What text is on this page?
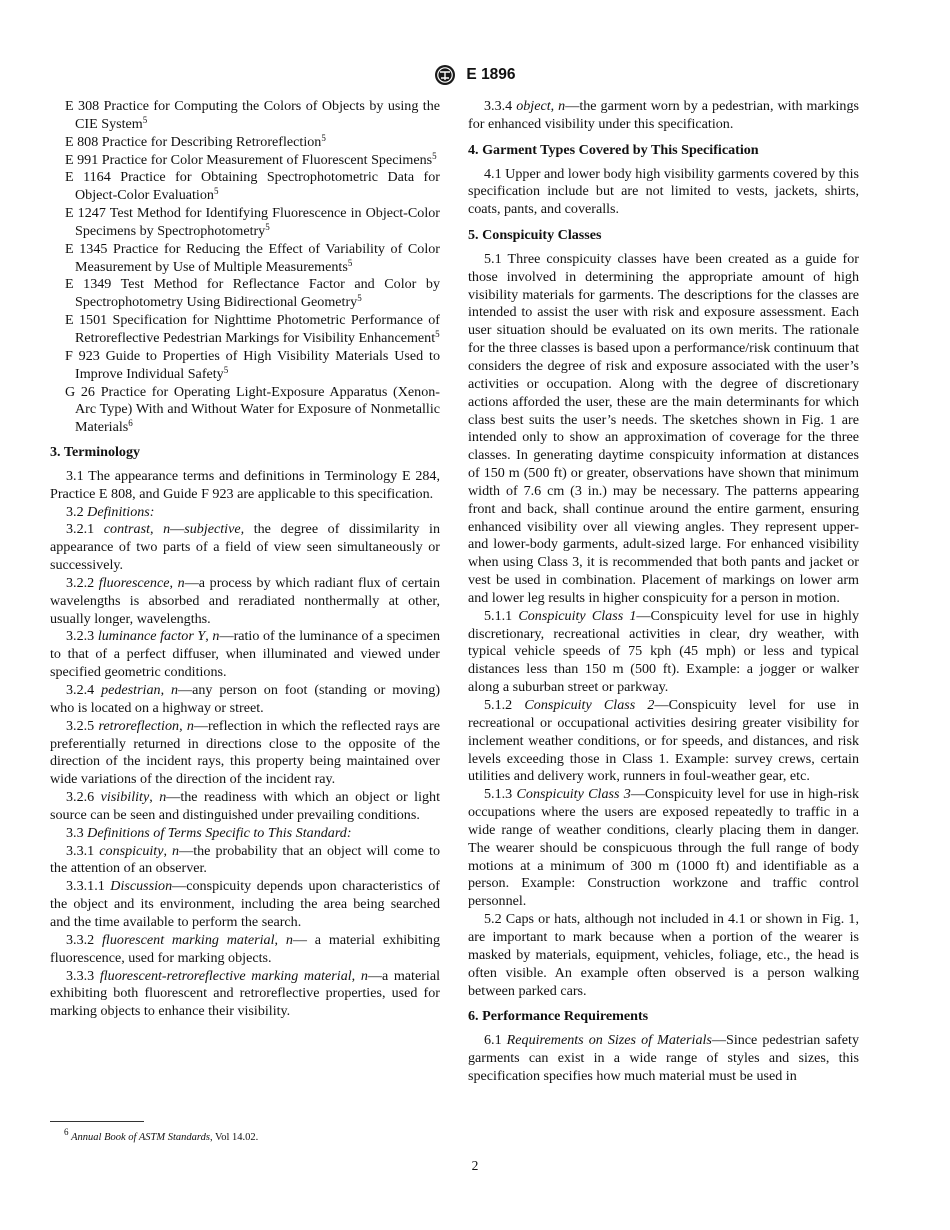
E 1896

E 308 Practice for Computing the Colors of Objects by using the CIE System$^5$

E 808 Practice for Describing Retroreflection$^5$

E 991 Practice for Color Measurement of Fluorescent Specimens$^5$

E 1164 Practice for Obtaining Spectrophotometric Data for Object-Color Evaluation$^5$

E 1247 Test Method for Identifying Fluorescence in Object-Color Specimens by Spectrophotometry$^5$

E 1345 Practice for Reducing the Effect of Variability of Color Measurement by Use of Multiple Measurements$^5$

E 1349 Test Method for Reflectance Factor and Color by Spectrophotometry Using Bidirectional Geometry$^5$

E 1501 Specification for Nighttime Photometric Performance of Retroreflective Pedestrian Markings for Visibility Enhancement$^5$

F 923 Guide to Properties of High Visibility Materials Used to Improve Individual Safety$^5$

G 26 Practice for Operating Light-Exposure Apparatus (Xenon-Arc Type) With and Without Water for Exposure of Nonmetallic Materials$^6$

3. Terminology

3.1 The appearance terms and definitions in Terminology E 284, Practice E 808, and Guide F 923 are applicable to this specification.

3.2 Definitions:

3.2.1 contrast, n—subjective, the degree of dissimilarity in appearance of two parts of a field of view seen simultaneously or successively.

3.2.2 fluorescence, n—a process by which radiant flux of certain wavelengths is absorbed and reradiated nonthermally at other, usually longer, wavelengths.

3.2.3 luminance factor Y, n—ratio of the luminance of a specimen to that of a perfect diffuser, when illuminated and viewed under specified geometric conditions.

3.2.4 pedestrian, n—any person on foot (standing or moving) who is located on a highway or street.

3.2.5 retroreflection, n—reflection in which the reflected rays are preferentially returned in directions close to the opposite of the direction of the incident rays, this property being maintained over wide variations of the direction of the incident ray.

3.2.6 visibility, n—the readiness with which an object or light source can be seen and distinguished under prevailing conditions.

3.3 Definitions of Terms Specific to This Standard:

3.3.1 conspicuity, n—the probability that an object will come to the attention of an observer.

3.3.1.1 Discussion—conspicuity depends upon characteristics of the object and its environment, including the area being searched and the time available to perform the search.

3.3.2 fluorescent marking material, n— a material exhibiting fluorescence, used for marking objects.

3.3.3 fluorescent-retroreflective marking material, n—a material exhibiting both fluorescent and retroreflective properties, used for marking objects to enhance their visibility.

3.3.4 object, n—the garment worn by a pedestrian, with markings for enhanced visibility under this specification.

4. Garment Types Covered by This Specification

4.1 Upper and lower body high visibility garments covered by this specification include but are not limited to vests, jackets, shirts, coats, pants, and coveralls.

5. Conspicuity Classes

5.1 Three conspicuity classes have been created as a guide for those involved in determining the appropriate amount of high visibility materials for garments. The descriptions for the classes are intended to assist the user with risk and exposure assessment. Each user situation should be evaluated on its own merits. The rationale for the three classes is based upon a performance/risk continuum that considers the degree of risk and exposure associated with the user’s activities or occupation. Along with the degree of discretionary actions afforded the user, these are the main determinants for which class best suits the user’s needs. The sketches shown in Fig. 1 are intended only to show an approximation of coverage for the three classes. In generating daytime conspicuity information at distances of 150 m (500 ft) or greater, observations have shown that minimum width of 7.6 cm (3 in.) may be necessary. The patterns appearing front and back, shall continue around the entire garment, ensuring enhanced visibility over all viewing angles. They represent upper-and lower-body garments, adult-sized large. For enhanced visibility when using Class 3, it is recommended that both pants and jacket or vest be used in combination. Placement of markings on lower arm and lower leg results in higher conspicuity for a person in motion.

5.1.1 Conspicuity Class 1—Conspicuity level for use in highly discretionary, recreational activities in clear, dry weather, with typical vehicle speeds of 75 kph (45 mph) or less and typical distances less than 150 m (500 ft). Example: a jogger or walker along a suburban street or parkway.

5.1.2 Conspicuity Class 2—Conspicuity level for use in recreational or occupational activities desiring greater visibility for inclement weather conditions, or for speeds, and distances, and risk levels exceeding those in Class 1. Example: survey crews, certain utilities and delivery work, runners in foul-weather gear, etc.

5.1.3 Conspicuity Class 3—Conspicuity level for use in high-risk occupations where the users are exposed repeatedly to traffic in a wide range of weather conditions, clearly placing them in danger. The wearer should be conspicuous through the full range of body motions at a minimum of 300 m (1000 ft) and identifiable as a person. Example: Construction workzone and traffic control personnel.

5.2 Caps or hats, although not included in 4.1 or shown in Fig. 1, are important to mark because when a portion of the wearer is masked by materials, equipment, vehicles, foliage, etc., the head is often visible. An example often observed is a person walking between parked cars.

6. Performance Requirements

6.1 Requirements on Sizes of Materials—Since pedestrian safety garments can exist in a wide range of styles and sizes, this specification specifies how much material must be used in

$^6$ Annual Book of ASTM Standards, Vol 14.02.
2
